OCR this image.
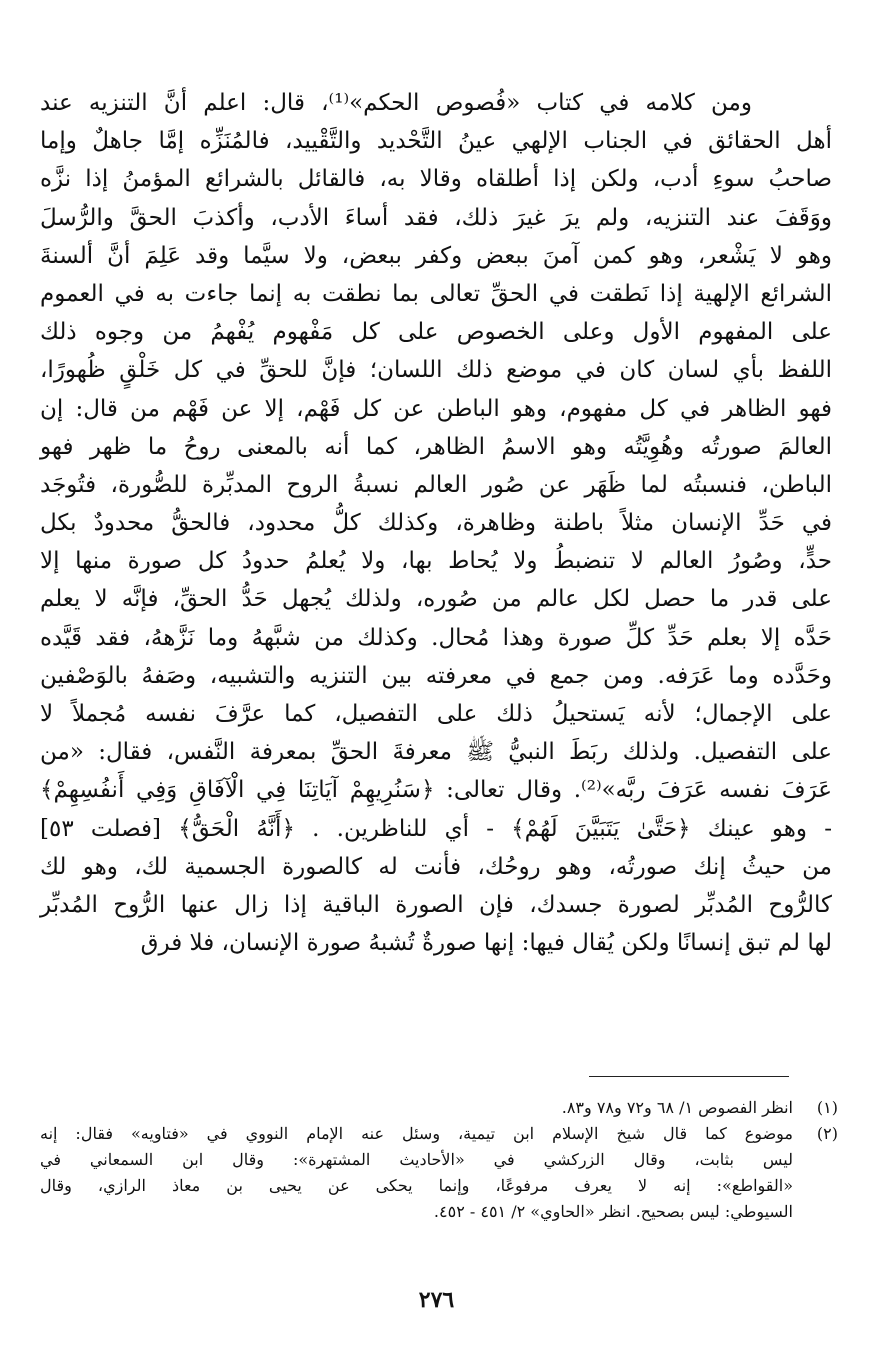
ومن كلامه في كتاب «فُصوص الحكم»⁽¹⁾، قال: اعلم أنَّ التنزيه عند
أهل الحقائق في الجناب الإلهي عينُ التَّحْديد والتَّقْييد، فالمُنَزِّه إمَّا جاهلٌ وإما
صاحبُ سوءِ أدب، ولكن إذا أطلقاه وقالا به، فالقائل بالشرائع المؤمنُ إذا نزَّه
ووَقَفَ عند التنزيه، ولم يرَ غيرَ ذلك، فقد أساءَ الأدب، وأكذبَ الحقَّ والرُّسلَ
وهو لا يَشْعر، وهو كمن آمنَ ببعض وكفر ببعض، ولا سيَّما وقد عَلِمَ أنَّ ألسنةَ
الشرائع الإلهية إذا نَطقت في الحقِّ تعالى بما نطقت به إنما جاءت به في العموم
على المفهوم الأول وعلى الخصوص على كل مَفْهوم يُفْهمُ من وجوه ذلك
اللفظ بأي لسان كان في موضع ذلك اللسان؛ فإنَّ للحقِّ في كل خَلْقٍ ظُهورًا،
فهو الظاهر في كل مفهوم، وهو الباطن عن كل فَهْم، إلا عن فَهْم من قال: إن
العالمَ صورتُه وهُوِيَّتُه وهو الاسمُ الظاهر، كما أنه بالمعنى روحُ ما ظهر فهو
الباطن، فنسبتُه لما ظَهَر عن صُور العالم نسبةُ الروح المدبِّرة للصُّورة، فتُوجَد
في حَدِّ الإنسان مثلاً باطنة وظاهرة، وكذلك كلُّ محدود، فالحقُّ محدودٌ بكل
حدٍّ، وصُورُ العالم لا تنضبطُ ولا يُحاط بها، ولا يُعلمُ حدودُ كل صورة منها إلا
على قدر ما حصل لكل عالم من صُوره، ولذلك يُجهل حَدُّ الحقِّ، فإنَّه لا يعلم
حَدَّه إلا بعلم حَدِّ كلِّ صورة وهذا مُحال. وكذلك من شبَّههُ وما نَزَّههُ، فقد قَيَّده
وحَدَّده وما عَرَفه. ومن جمع في معرفته بين التنزيه والتشبيه، وصَفهُ بالوَصْفين
على الإجمال؛ لأنه يَستحيلُ ذلك على التفصيل، كما عرَّفَ نفسه مُجملاً لا
على التفصيل. ولذلك ربَطَ النبيُّ ﷺ معرفةَ الحقِّ بمعرفة النَّفس، فقال: «من
عَرَفَ نفسه عَرَفَ ربَّه»⁽²⁾. وقال تعالى: ﴿سَنُرِيهِمْ آيَاتِنَا فِي الْآفَاقِ وَفِي أَنفُسِهِمْ﴾
- وهو عينك ﴿حَتَّىٰ يَتَبَيَّنَ لَهُمْ﴾ - أي للناظرين. . ﴿أَنَّهُ الْحَقُّ﴾ [فصلت ٥٣]
من حيثُ إنك صورتُه، وهو روحُك، فأنت له كالصورة الجسمية لك، وهو لك
كالرُّوح المُدبِّر لصورة جسدك، فإن الصورة الباقية إذا زال عنها الرُّوح المُدبِّر
لها لم تبق إنسانًا ولكن يُقال فيها: إنها صورةٌ تُشبهُ صورة الإنسان، فلا فرق
(١)
انظر الفصوص ١/ ٦٨ و٧٢ و٧٨ و٨٣.
(٢)
موضوع كما قال شيخ الإسلام ابن تيمية، وسئل عنه الإمام النووي في «فتاويه» فقال: إنه
ليس بثابت، وقال الزركشي في «الأحاديث المشتهرة»: وقال ابن السمعاني في
«القواطع»: إنه لا يعرف مرفوعًا، وإنما يحكى عن يحيى بن معاذ الرازي، وقال
السيوطي: ليس بصحيح. انظر «الحاوي» ٢/ ٤٥١ - ٤٥٢.
٢٧٦
